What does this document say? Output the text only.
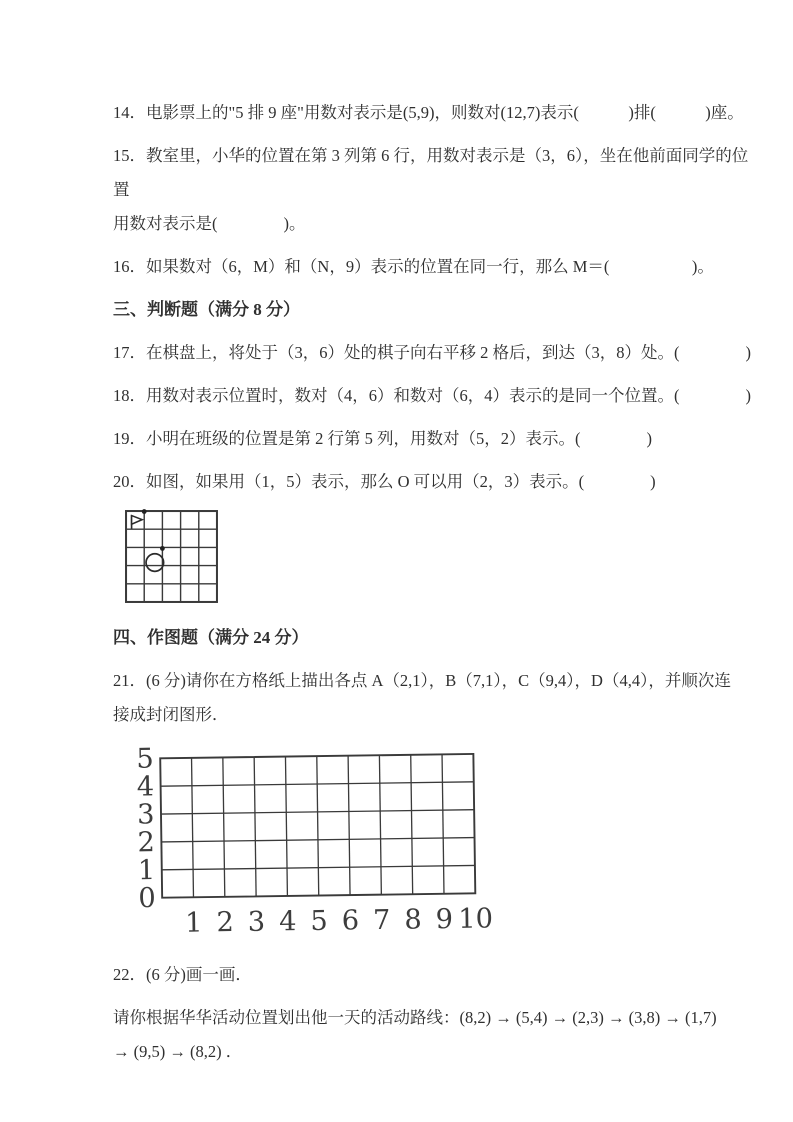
14．电影票上的"5 排 9 座"用数对表示是(5,9)，则数对(12,7)表示(　　　)排(　　　)座。

15．教室里，小华的位置在第 3 列第 6 行，用数对表示是（3，6），坐在他前面同学的位置
用数对表示是(　　　　)。

16．如果数对（6，M）和（N，9）表示的位置在同一行，那么 M＝(　　　　　)。

三、判断题（满分 8 分）

17．在棋盘上，将处于（3，6）处的棋子向右平移 2 格后，到达（3，8）处。(　　　　)

18．用数对表示位置时，数对（4，6）和数对（6，4）表示的是同一个位置。(　　　　)

19．小明在班级的位置是第 2 行第 5 列，用数对（5，2）表示。(　　　　)

20．如图，如果用（1，5）表示，那么 O 可以用（2，3）表示。(　　　　)

四、作图题（满分 24 分）

21．(6 分)请你在方格纸上描出各点 A（2,1），B（7,1），C（9,4），D（4,4），并顺次连
接成封闭图形．

5
4
3
2
1
0
1 2 3 4 5 6 7 8 9 10

22．(6 分)画一画．

请你根据华华活动位置划出他一天的活动路线：(8,2) → (5,4) → (2,3) → (3,8) → (1,7)
→ (9,5) → (8,2) ．
